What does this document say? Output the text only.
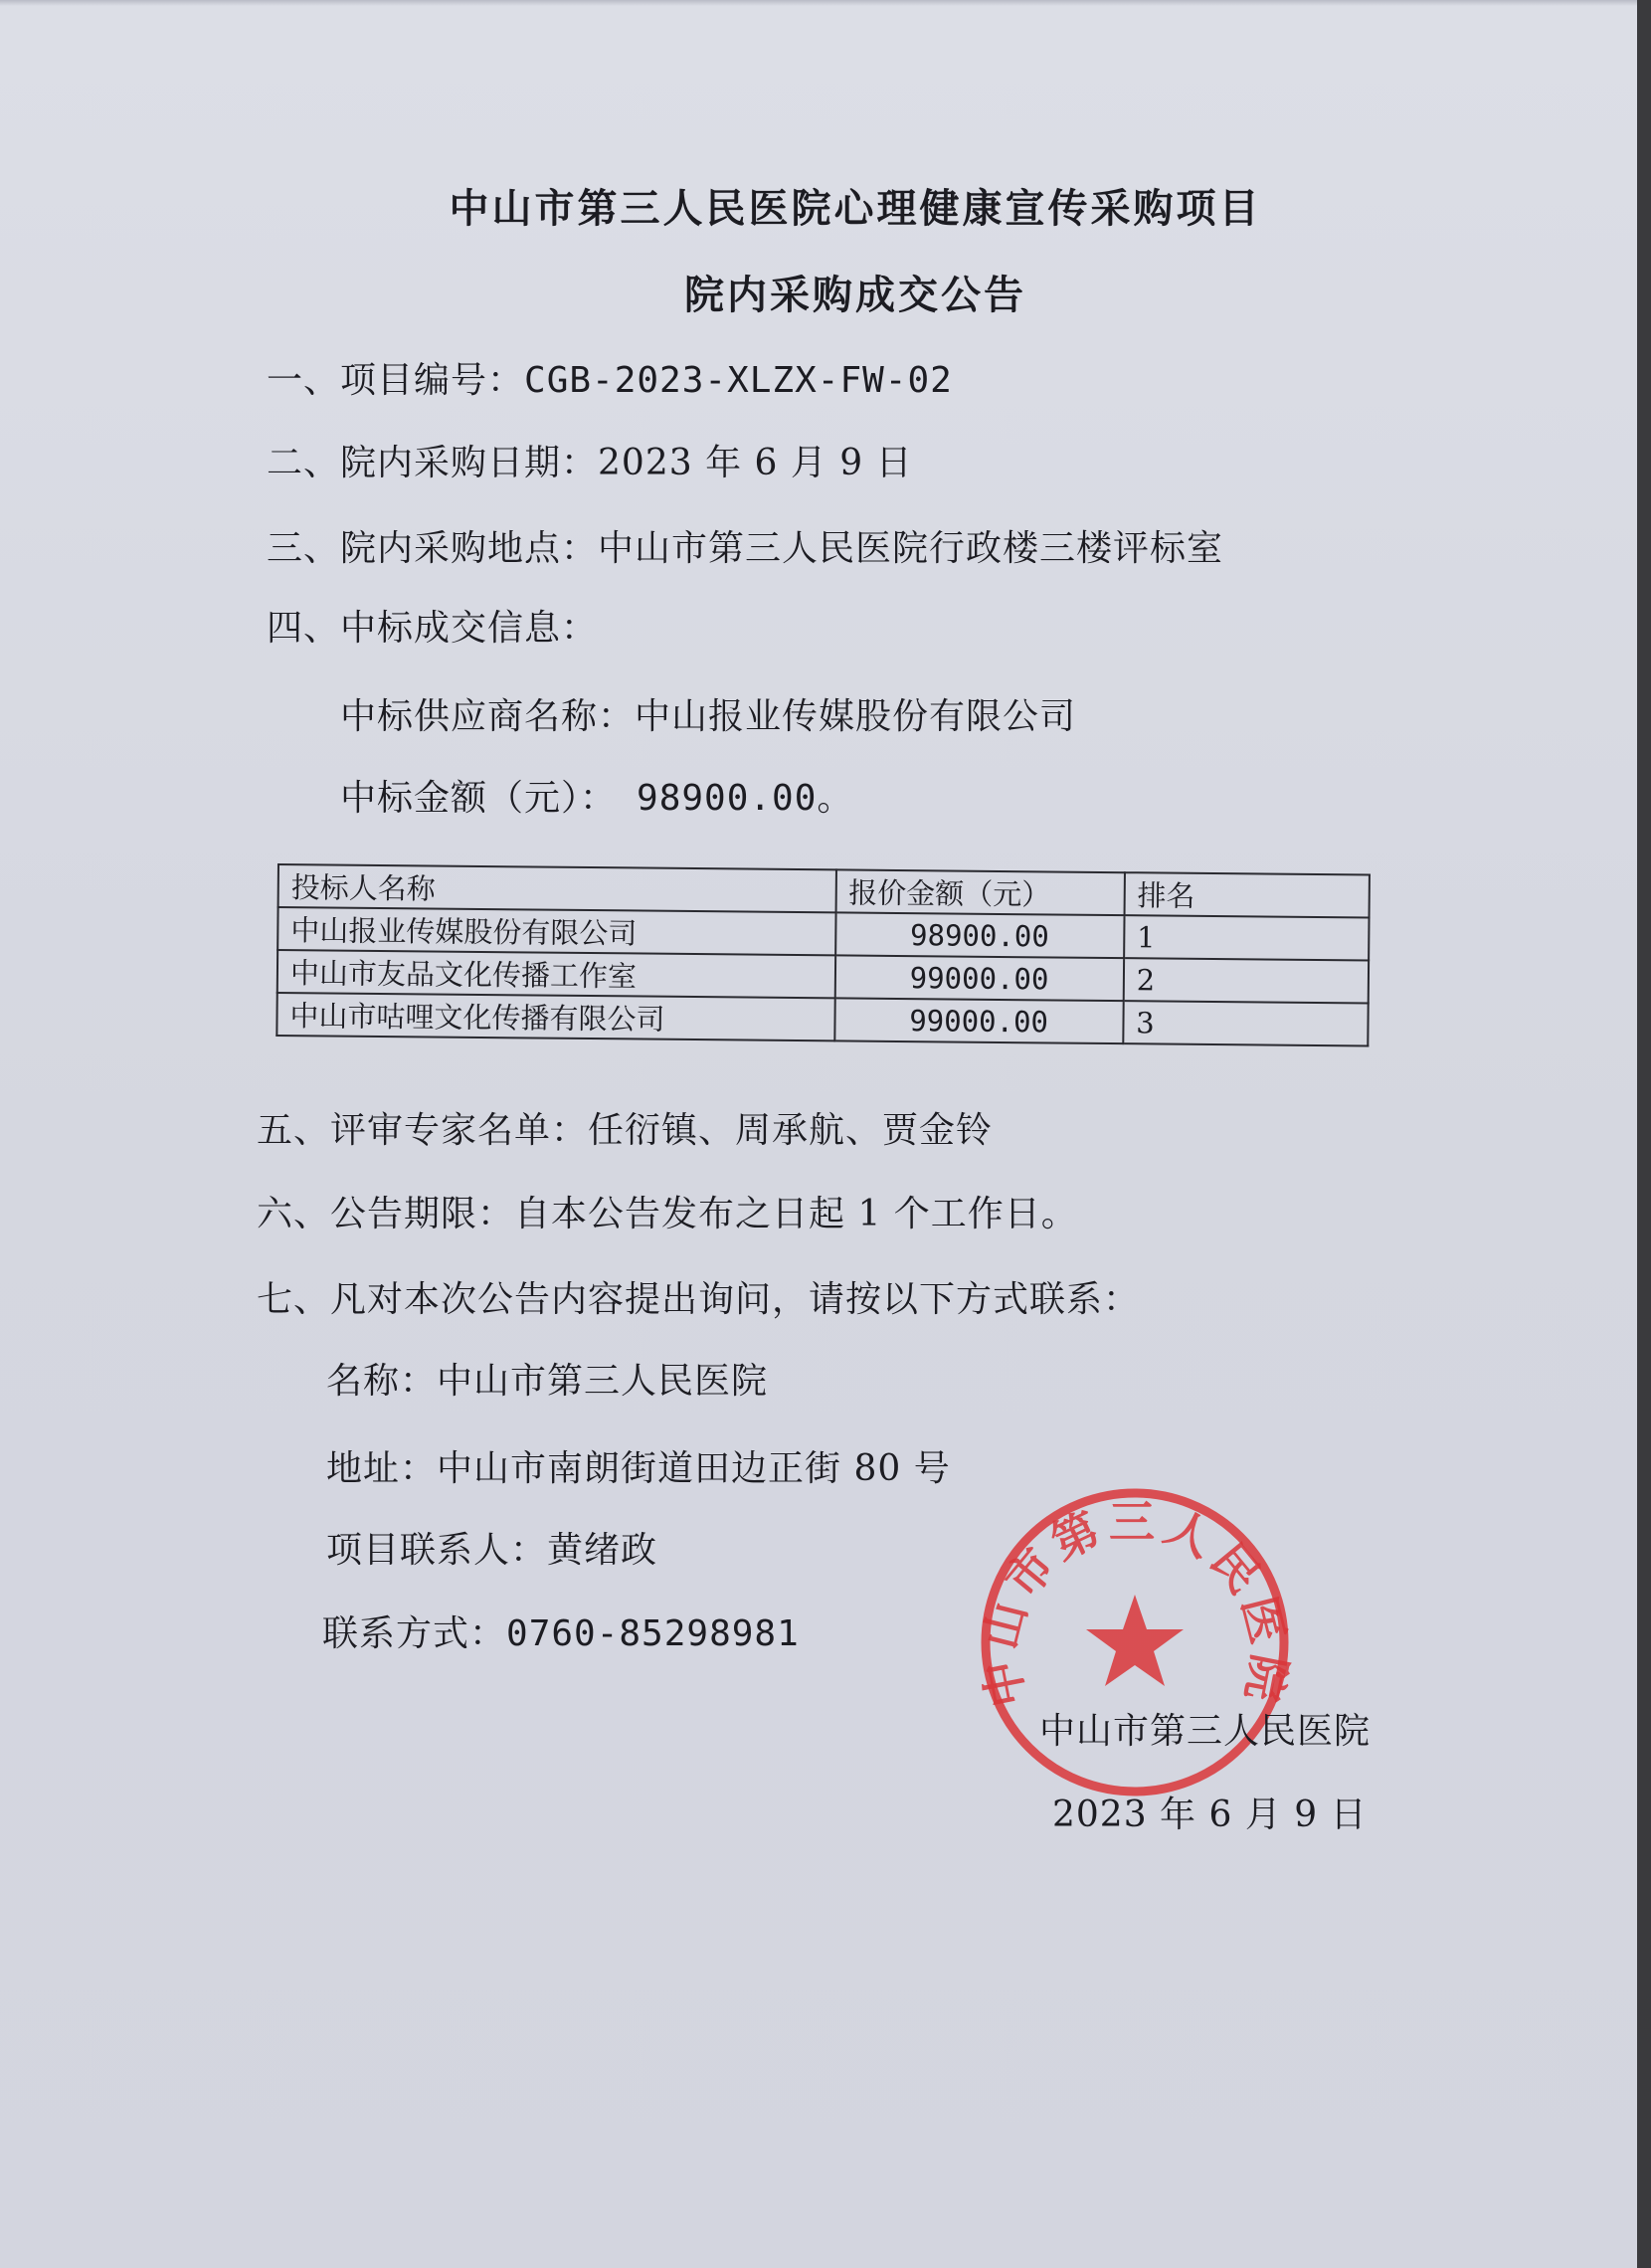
中山市第三人民医院心理健康宣传采购项目
院内采购成交公告
一、项目编号：CGB-2023-XLZX-FW-02
二、院内采购日期：2023 年 6 月 9 日
三、院内采购地点：中山市第三人民医院行政楼三楼评标室
四、中标成交信息：
中标供应商名称：中山报业传媒股份有限公司
中标金额（元）： 98900.00。
投标人名称	报价金额（元）	排名
中山报业传媒股份有限公司	98900.00	1
中山市友品文化传播工作室	99000.00	2
中山市咕哩文化传播有限公司	99000.00	3
五、评审专家名单：任衍镇、周承航、贾金铃
六、公告期限：自本公告发布之日起 1 个工作日。
七、凡对本次公告内容提出询问，请按以下方式联系：
名称：中山市第三人民医院
地址：中山市南朗街道田边正街 80 号
项目联系人：黄绪政
联系方式：0760-85298981
中山市第三人民医院
中山市第三人民医院
2023 年 6 月 9 日
